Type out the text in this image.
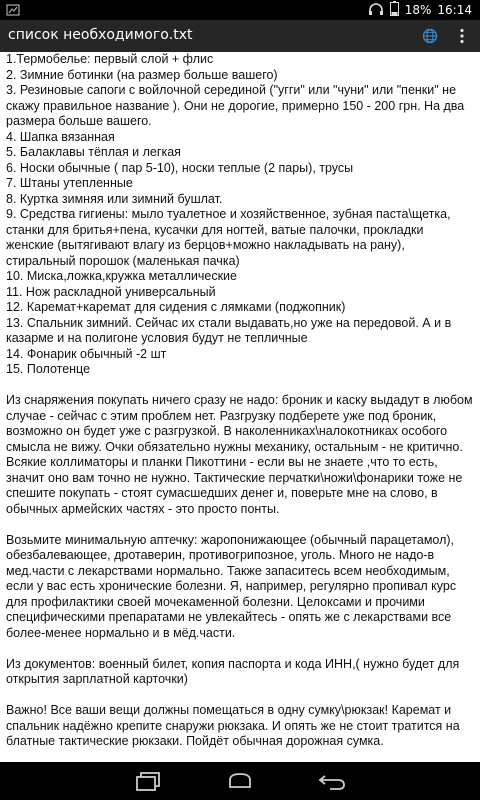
18% 16:14
список необходимого.txt

1.Термобелье: первый слой + флис
2. Зимние ботинки (на размер больше вашего)
3. Резиновые сапоги с войлочной серединой ("угги" или "чуни" или "пенки" не скажу правильное название ). Они не дорогие, примерно 150 - 200 грн. На два размера больше вашего.
4. Шапка вязанная
5. Балаклавы тёплая и легкая
6. Носки обычные ( пар 5-10), носки теплые (2 пары), трусы
7. Штаны утепленные
8. Куртка зимняя или зимний бушлат.
9. Средства гигиены: мыло туалетное и хозяйственное, зубная паста\щетка, станки для бритья+пена, кусачки для ногтей, ватые палочки, прокладки женские (вытягивают влагу из берцов+можно накладывать на рану), стиральный порошок (маленькая пачка)
10. Миска,ложка,кружка металлические
11. Нож раскладной универсальный
12. Каремат+каремат для сидения с лямками (поджопник)
13. Спальник зимний. Сейчас их стали выдавать,но уже на передовой. А и в казарме и на полигоне условия будут не тепличные
14. Фонарик обычный -2 шт
15. Полотенце

Из снаряжения покупать ничего сразу не надо: броник и каску выдадут в любом случае - сейчас с этим проблем нет. Разгрузку подберете уже под броник, возможно он будет уже с разгрузкой. В наколенниках\налокотниках особого смысла не вижу. Очки обязательно нужны механику, остальным - не критично. Всякие коллиматоры и планки Пикоттини - если вы не знаете ,что то есть, значит оно вам точно не нужно. Тактические перчатки\ножи\фонарики тоже не спешите покупать - стоят сумасшедших денег и, поверьте мне на слово, в обычных армейских частях - это просто понты.

Возьмите минимальную аптечку: жаропонижающее (обычный парацетамол), обезбалевающее, дротаверин, противогрипозное, уголь. Много не надо-в мед.части с лекарствами нормально. Также запаситесь всем необходимым, если у вас есть хронические болезни. Я, например, регулярно пропивал курс для профилактики своей мочекаменной болезни. Целоксами и прочими специфическими препаратами не увлекайтесь - опять же с лекарствами все более-менее нормально и в мёд.части.

Из документов: военный билет, копия паспорта и кода ИНН,( нужно будет для открытия зарплатной карточки)

Важно! Все ваши вещи должны помещаться в одну сумку\рюкзак! Каремат и спальник надёжно крепите снаружи рюкзака. И опять же не стоит тратится на блатные тактические рюкзаки. Пойдёт обычная дорожная сумка.
